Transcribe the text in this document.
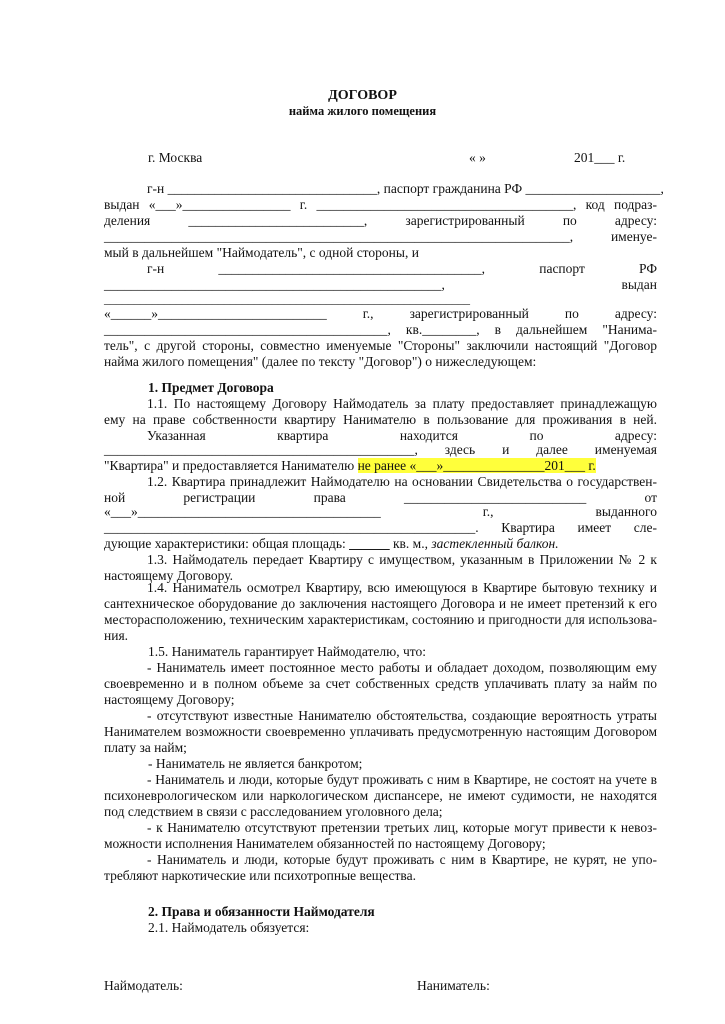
ДОГОВОР
найма жилого помещения
г. Москва	« »	201___ г.
г-н _______________________________, паспорт гражданина РФ ____________________,
выдан «___»________________ г. ______________________________________, код подраз-
деления __________________________, зарегистрированный по адресу:
_____________________________________________________________________, именуе-
мый в дальнейшем "Наймодатель", с одной стороны, и
г-н _______________________________________, паспорт РФ
__________________________________________________, выдан
_____________________________________________________________
«______»_________________________ г., зарегистрированный по адресу:
__________________________________________, кв.________, в дальнейшем "Нанима-
тель", с другой стороны, совместно именуемые "Стороны" заключили настоящий "Договор
найма жилого помещения" (далее по тексту "Договор") о нижеследующем:
1. Предмет Договора
1.1. По настоящему Договору Наймодатель за плату предоставляет принадлежащую
ему на праве собственности квартиру Нанимателю в пользование для проживания в ней.
Указанная квартира находится по адресу:
______________________________________________, здесь и далее именуемая
"Квартира" и предоставляется Нанимателю не ранее «___»_______________201___ г.
1.2. Квартира принадлежит Наймодателю на основании Свидетельства о государствен-
ной регистрации права ___________________________ от
«___»____________________________________ г., выданного
_______________________________________________________. Квартира имеет сле-
дующие характеристики: общая площадь: ______ кв. м., застекленный балкон.
1.3. Наймодатель передает Квартиру с имуществом, указанным в Приложении № 2 к
настоящему Договору.
1.4. Наниматель осмотрел Квартиру, всю имеющуюся в Квартире бытовую технику и
сантехническое оборудование до заключения настоящего Договора и не имеет претензий к его
месторасположению, техническим характеристикам, состоянию и пригодности для использова-
ния.
1.5. Наниматель гарантирует Наймодателю, что:
- Наниматель имеет постоянное место работы и обладает доходом, позволяющим ему
своевременно и в полном объеме за счет собственных средств уплачивать плату за найм по
настоящему Договору;
- отсутствуют известные Нанимателю обстоятельства, создающие вероятность утраты
Нанимателем возможности своевременно уплачивать предусмотренную настоящим Договором
плату за найм;
- Наниматель не является банкротом;
- Наниматель и люди, которые будут проживать с ним в Квартире, не состоят на учете в
психоневрологическом или наркологическом диспансере, не имеют судимости, не находятся
под следствием в связи с расследованием уголовного дела;
- к Нанимателю отсутствуют претензии третьих лиц, которые могут привести к невоз-
можности исполнения Нанимателем обязанностей по настоящему Договору;
- Наниматель и люди, которые будут проживать с ним в Квартире, не курят, не упо-
требляют наркотические или психотропные вещества.
2. Права и обязанности Наймодателя
2.1. Наймодатель обязуется:
Наймодатель:	Наниматель:
